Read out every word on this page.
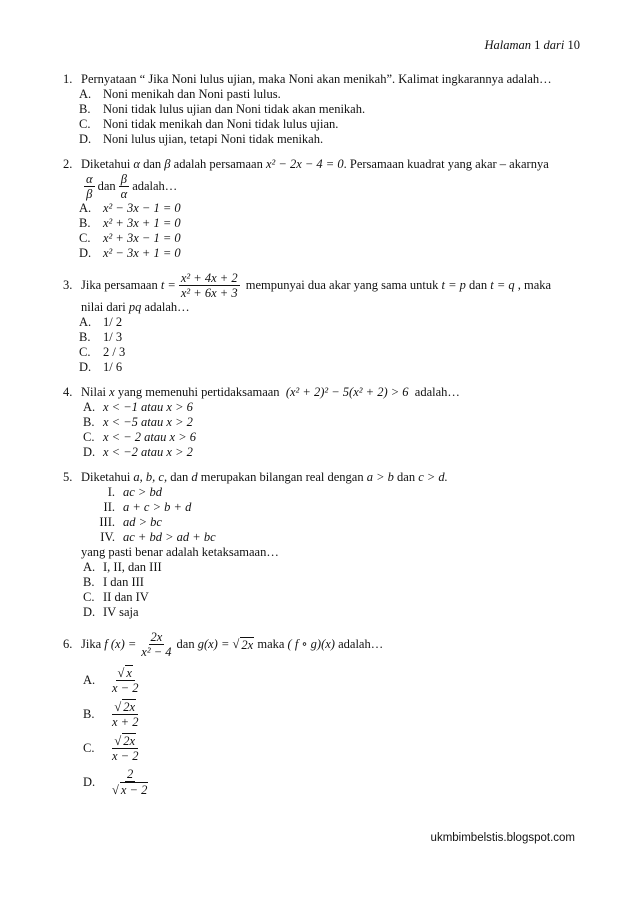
Halaman 1 dari 10
1. Pernyataan “ Jika Noni lulus ujian, maka Noni akan menikah”. Kalimat ingkarannya adalah…
A. Noni menikah dan Noni pasti lulus.
B.	Noni tidak lulus ujian dan Noni tidak akan menikah.
C.	Noni tidak menikah dan Noni tidak lulus ujian.
D. Noni lulus ujian, tetapi Noni tidak menikah.
2. Diketahui α dan β adalah persamaan x² − 2x − 4 = 0. Persamaan kuadrat yang akar – akarnya
$\frac{\alpha}{\beta}$ dan $\frac{\beta}{\alpha}$ adalah…
A. x² − 3x − 1 = 0
B.	x² + 3x + 1 = 0
C.	x² + 3x − 1 = 0
D. x² − 3x + 1 = 0
3. Jika persamaan
$t = \frac{\text{x² + 4x + 2}}{\text{x² + 6x + 3}}$
mempunyai dua akar yang sama untuk
t = p
dan
t = q
, maka
nilai dari pq adalah…
A. 1/ 2
B.	1/ 3
C.	2 / 3
D. 1/ 6
4. Nilai x yang memenuhi pertidaksamaan (x² + 2)² − 5(x² + 2) > 6 adalah…
A. x < −1 atau x > 6
B. x < −5 atau x > 2
C. x < − 2 atau x > 6
D. x < −2 atau x > 2
5. Diketahui a, b, c, dan d merupakan bilangan real dengan a > b dan c > d.
I. ac > bd
II. a + c > b + d
III. ad > bc
IV. ac + bd > ad + bc
yang pasti benar adalah ketaksamaan…
A. I, II, dan III
B. I dan III
C. II dan IV
D. IV saja
6. Jika
f $(x) = \frac{2x}{\text{x² − 4}}$ dan
g(x) =
√ 2x
maka
( f ∘ g)(x)
adalah…
A.	$\frac{√ x}{x - 2}$
B.	$\frac{√ 2x}{x + 2}$
C.	$\frac{√ 2x}{x - 2}$
D.	$\frac{2}{√ x - 2}$
ukmbimbelstis.blogspot.com
